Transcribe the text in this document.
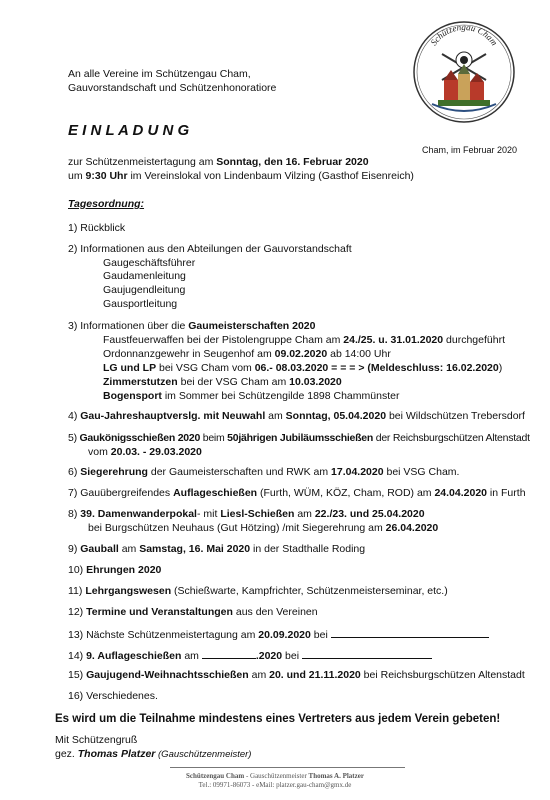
Schützengau Cham
An alle Vereine im Schützengau Cham,
Gauvorstandschaft und Schützenhonoratiore
E I N L A D U N G
Cham, im Februar 2020
zur Schützenmeistertagung am Sonntag, den 16. Februar 2020
um 9:30 Uhr im Vereinslokal von Lindenbaum Vilzing (Gasthof Eisenreich)
Tagesordnung:
1) Rückblick
2) Informationen aus den Abteilungen der Gauvorstandschaft
Gaugeschäftsführer
Gaudamenleitung
Gaujugendleitung
Gausportleitung
3) Informationen über die Gaumeisterschaften 2020
Faustfeuerwaffen bei der Pistolengruppe Cham am 24./25. u. 31.01.2020 durchgeführt
Ordonnanzgewehr in Seugenhof am 09.02.2020 ab 14:00 Uhr
LG und LP bei VSG Cham vom 06.- 08.03.2020 = = = > (Meldeschluss: 16.02.2020)
Zimmerstutzen bei der VSG Cham am 10.03.2020
Bogensport im Sommer bei Schützengilde 1898 Chammünster
4) Gau-Jahreshauptverslg. mit Neuwahl am Sonntag, 05.04.2020 bei Wildschützen Trebersdorf
5) Gaukönigsschießen 2020 beim 50jährigen Jubiläumsschießen der Reichsburgschützen Altenstadt
vom 20.03. - 29.03.2020
6) Siegerehrung der Gaumeisterschaften und RWK am 17.04.2020 bei VSG Cham.
7) Gauübergreifendes Auflageschießen (Furth, WÜM, KÖZ, Cham, ROD) am 24.04.2020 in Furth
8) 39. Damenwanderpokal- mit Liesl-Schießen am 22./23. und 25.04.2020
bei Burgschützen Neuhaus (Gut Hötzing) /mit Siegerehrung am 26.04.2020
9) Gauball am Samstag, 16. Mai 2020 in der Stadthalle Roding
10) Ehrungen 2020
11) Lehrgangswesen (Schießwarte, Kampfrichter, Schützenmeisterseminar, etc.)
12) Termine und Veranstaltungen aus den Vereinen
13) Nächste Schützenmeistertagung am 20.09.2020 bei
14) 9. Auflageschießen am	.2020 bei
15) Gaujugend-Weihnachtsschießen am 20. und 21.11.2020 bei Reichsburgschützen Altenstadt
16) Verschiedenes.
Es wird um die Teilnahme mindestens eines Vertreters aus jedem Verein gebeten!
Mit Schützengruß
gez. Thomas Platzer (Gauschützenmeister)
Schützengau Cham - Gauschützenmeister Thomas A. Platzer
Tel.: 09971-86073 - eMail: platzer.gau-cham@gmx.de
